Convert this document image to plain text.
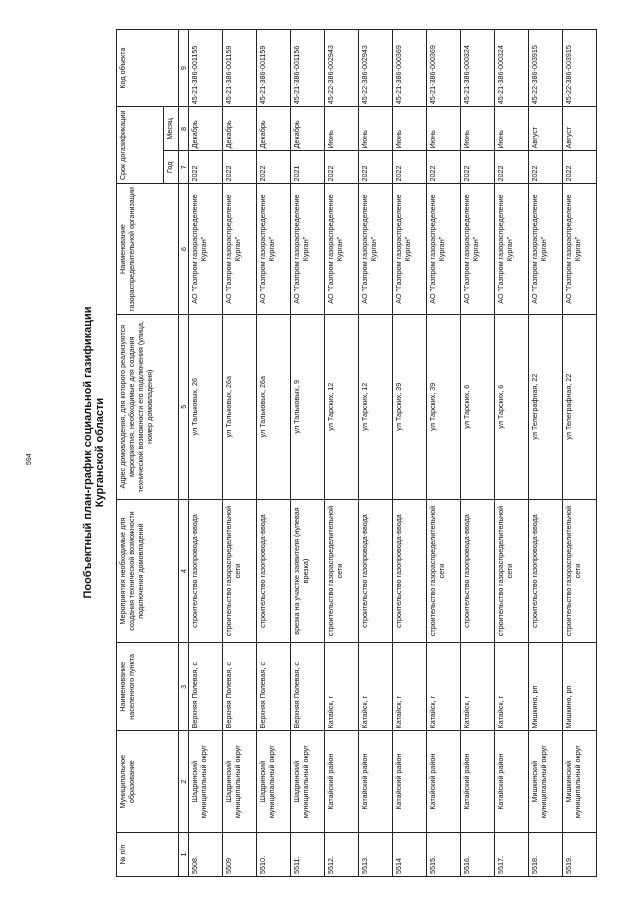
594	Пообъектный план-график социальной газификации Курганской области
№ п/п	Муниципальное образование	Наименование населенного пункта	Мероприятия необходимые для создания технической возможности подключения домовладений	Адрес домовладения, для которого реализуются мероприятия, необходимые для создания технической возможности его подключения (улица, номер домовладения)	Наименование газораспределительной организации	Срок догазификации		Код объекта
						Год	Месяц	
1	2	3	4	5	6	7	8	9
5508.	Шадринский муниципальный округ	Верхняя Полевая, с	строительство газопровода-ввода	ул Тальковых, 26	АО "Газпром газораспределение Курган"	2022	Декабрь	45-21-386-001155
5509	Шадринский муниципальный округ	Верхняя Полевая, с	строительство газораспределительной сети	ул Тальковых, 26а	АО "Газпром газораспределение Курган"	2022	Декабрь	45-21-386-001159
5510.	Шадринский муниципальный округ	Верхняя Полевая, с	строительство газопровода-ввода	ул Тальковых, 26а	АО "Газпром газораспределение Курган"	2022	Декабрь	45-21-386-001159
5511.	Шадринский муниципальный округ	Верхняя Полевая, с	врезка на участке заявителя (нулевая врезка)	ул Тальковых, 9	АО "Газпром газораспределение Курган"	2021	Декабрь	45-21-386-001156
5512.	Катайский район	Катайск, г	строительство газораспределительной сети	ул Тарских, 12	АО "Газпром газораспределение Курган"	2022	Июнь	45-22-386-002943
5513.	Катайский район	Катайск, г	строительство газопровода-ввода	ул Тарских, 12	АО "Газпром газораспределение Курган"	2022	Июнь	45-22-386-002943
5514	Катайский район	Катайск, г	строительство газопровода-ввода	ул Тарских, 39	АО "Газпром газораспределение Курган"	2022	Июнь	45-21-386-000369
5515.	Катайский район	Катайск, г	строительство газораспределительной сети	ул Тарских, 39	АО "Газпром газораспределение Курган"	2022	Июнь	45-21-386-000369
5516.	Катайский район	Катайск, г	строительство газопровода-ввода	ул Тарских, 6	АО "Газпром газораспределение Курган"	2022	Июнь	45-21-386-000324
5517.	Катайский район	Катайск, г	строительство газораспределительной сети	ул Тарских, 6	АО "Газпром газораспределение Курган"	2022	Июнь	45-21-386-000324
5518.	Мишкинский муниципальный округ	Мишкино, рп	строительство газопровода-ввода	ул Телеграфная, 22	АО "Газпром газораспределение Курган"	2022	Август	45-22-386-003915
5519.	Мишкинский муниципальный округ	Мишкино, рп	строительство газораспределительной сети	ул Телеграфная, 22	АО "Газпром газораспределение Курган"	2022	Август	45-22-386-003915
